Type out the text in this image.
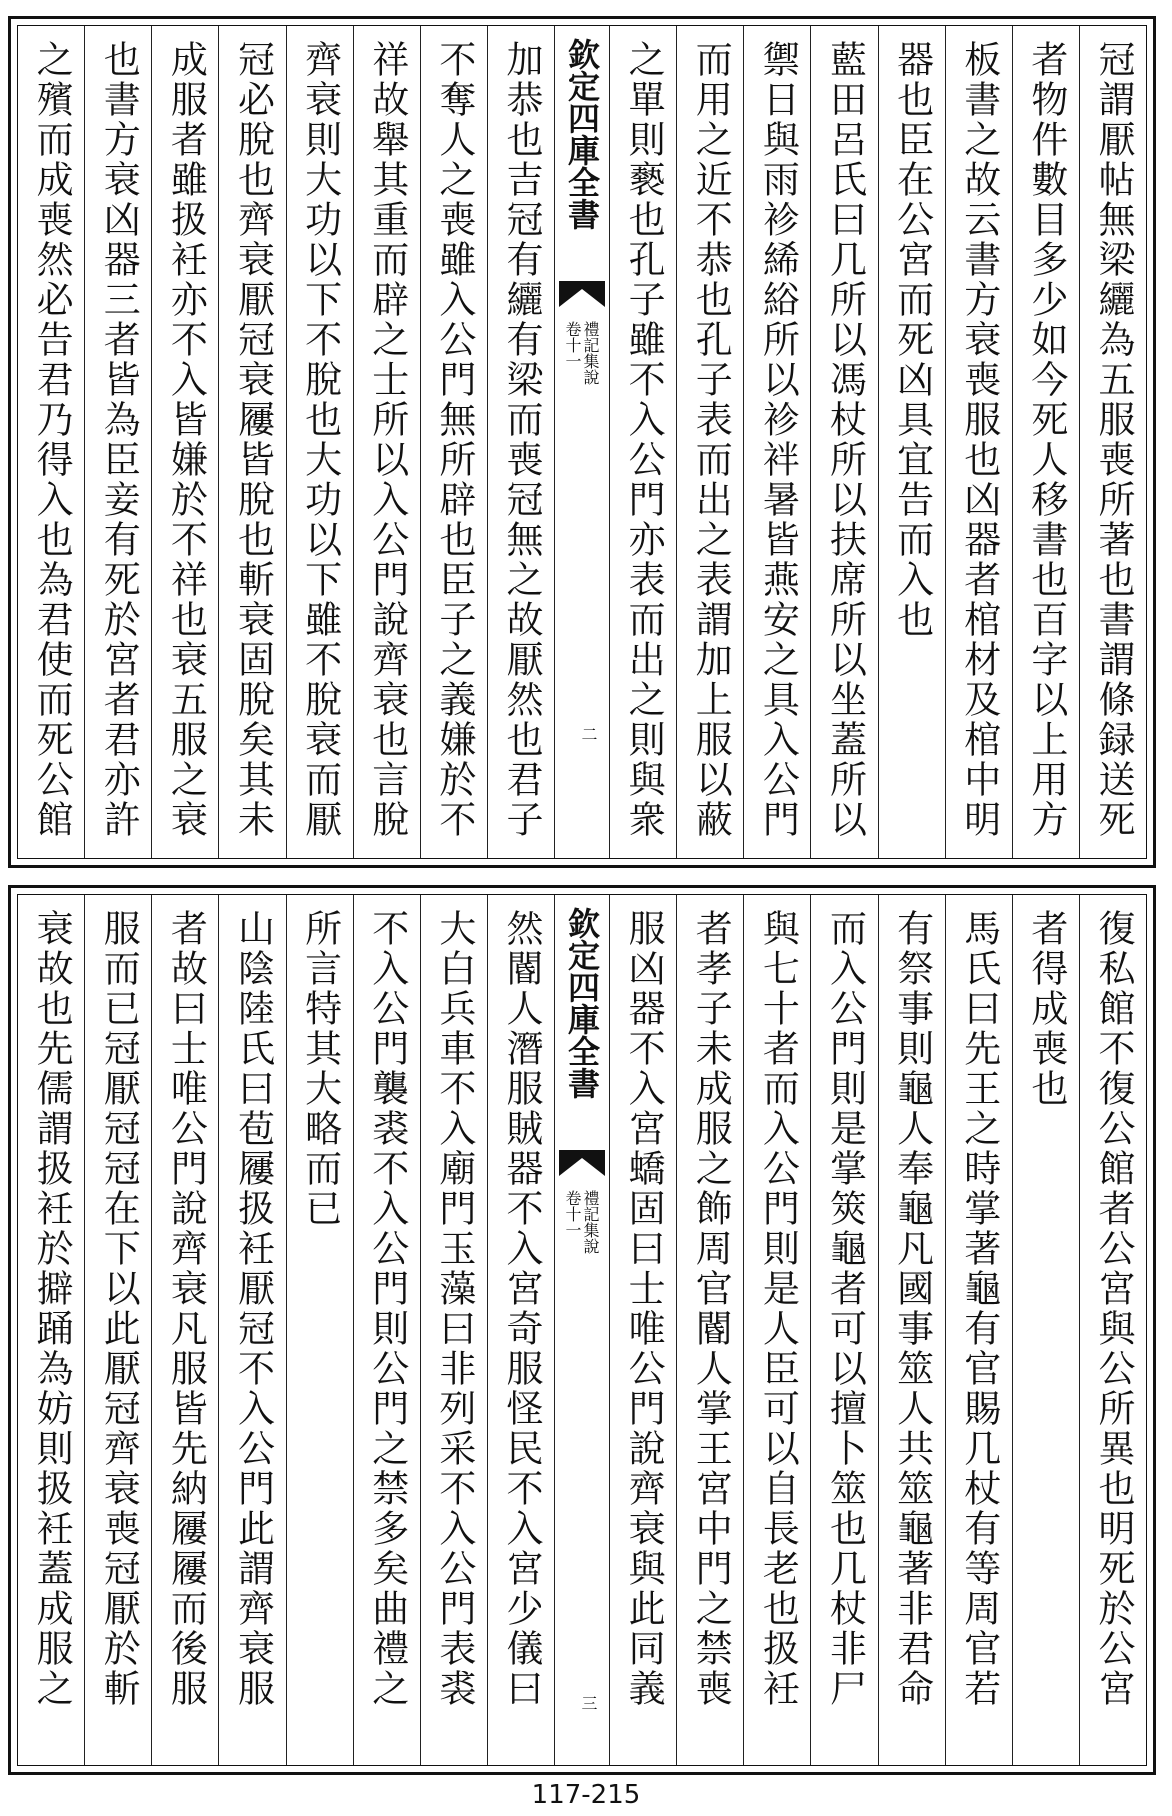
冠謂厭帖無梁纚為五服喪所著也書謂條録送死
者物件數目多少如今死人移書也百字以上用方
板書之故云書方衰喪服也凶器者棺材及棺中明
器也臣在公宮而死凶具宜告而入也
藍田呂氏曰几所以馮杖所以扶席所以坐蓋所以
禦日與雨袗絺綌所以袗袢暑皆燕安之具入公門
而用之近不恭也孔子表而出之表謂加上服以蔽
之單則褻也孔子雖不入公門亦表而出之則與衆
欽定四庫全書
禮記集說
卷十一
二
加恭也吉冠有纚有梁而喪冠無之故厭然也君子
不奪人之喪雖入公門無所辟也臣子之義嫌於不
祥故舉其重而辟之士所以入公門說齊衰也言脫
齊衰則大功以下不脫也大功以下雖不脫衰而厭
冠必脫也齊衰厭冠衰屨皆脫也斬衰固脫矣其未
成服者雖扱衽亦不入皆嫌於不祥也衰五服之衰
也書方衰凶器三者皆為臣妾有死於宮者君亦許
之殯而成喪然必告君乃得入也為君使而死公館
復私館不復公館者公宮與公所異也明死於公宮
者得成喪也
馬氏曰先王之時掌著龜有官賜几杖有等周官若
有祭事則龜人奉龜凡國事筮人共筮龜著非君命
而入公門則是掌筴龜者可以擅卜筮也几杖非尸
與七十者而入公門則是人臣可以自長老也扱衽
者孝子未成服之飾周官閽人掌王宮中門之禁喪
服凶器不入宮蟜固曰士唯公門說齊衰與此同義
欽定四庫全書
禮記集說
卷十一
三
然閽人潛服賊器不入宮奇服怪民不入宮少儀曰
大白兵車不入廟門玉藻曰非列采不入公門表裘
不入公門襲裘不入公門則公門之禁多矣曲禮之
所言特其大略而已
山陰陸氏曰苞屨扱衽厭冠不入公門此謂齊衰服
者故曰士唯公門說齊衰凡服皆先納屨屨而後服
服而已冠厭冠冠在下以此厭冠齊衰喪冠厭於斬
衰故也先儒謂扱衽於擗踊為妨則扱衽蓋成服之
117-215
